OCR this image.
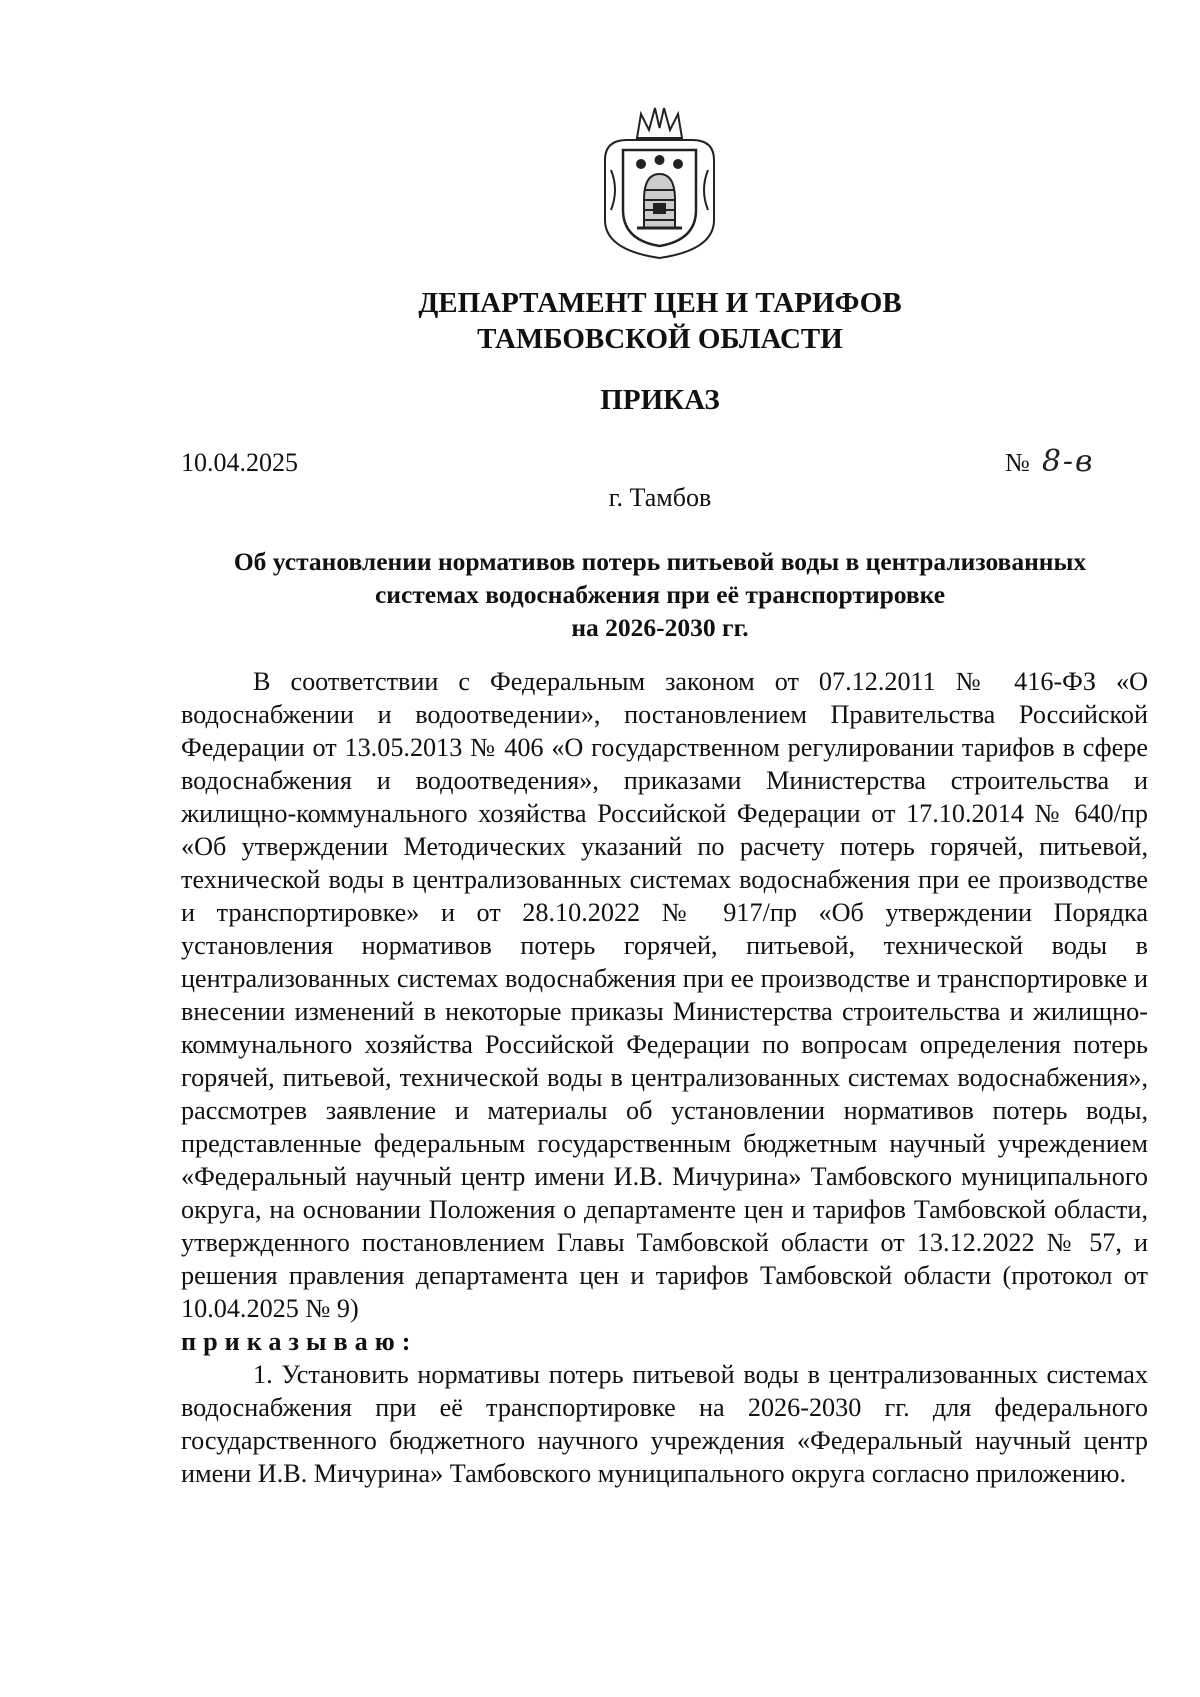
ДЕПАРТАМЕНТ ЦЕН И ТАРИФОВ
ТАМБОВСКОЙ ОБЛАСТИ
ПРИКАЗ
10.04.2025	№ 8-в
г. Тамбов
Об установлении нормативов потерь питьевой воды в централизованных
системах водоснабжения при её транспортировке
на 2026-2030 гг.

В соответствии с Федеральным законом от 07.12.2011 № 416-ФЗ «О водоснабжении и водоотведении», постановлением Правительства Российской Федерации от 13.05.2013 № 406 «О государственном регулировании тарифов в сфере водоснабжения и водоотведения», приказами Министерства строительства и жилищно-коммунального хозяйства Российской Федерации от 17.10.2014 № 640/пр «Об утверждении Методических указаний по расчету потерь горячей, питьевой, технической воды в централизованных системах водоснабжения при ее производстве и транспортировке» и от 28.10.2022 № 917/пр «Об утверждении Порядка установления нормативов потерь горячей, питьевой, технической воды в централизованных системах водоснабжения при ее производстве и транспортировке и внесении изменений в некоторые приказы Министерства строительства и жилищно-коммунального хозяйства Российской Федерации по вопросам определения потерь горячей, питьевой, технической воды в централизованных системах водоснабжения», рассмотрев заявление и материалы об установлении нормативов потерь воды, представленные федеральным государственным бюджетным научный учреждением «Федеральный научный центр имени И.В. Мичурина» Тамбовского муниципального округа, на основании Положения о департаменте цен и тарифов Тамбовской области, утвержденного постановлением Главы Тамбовской области от 13.12.2022 № 57, и решения правления департамента цен и тарифов Тамбовской области (протокол от 10.04.2025 № 9)

приказываю:

1. Установить нормативы потерь питьевой воды в централизованных системах водоснабжения при её транспортировке на 2026-2030 гг. для федерального государственного бюджетного научного учреждения «Федеральный научный центр имени И.В. Мичурина» Тамбовского муниципального округа согласно приложению.
